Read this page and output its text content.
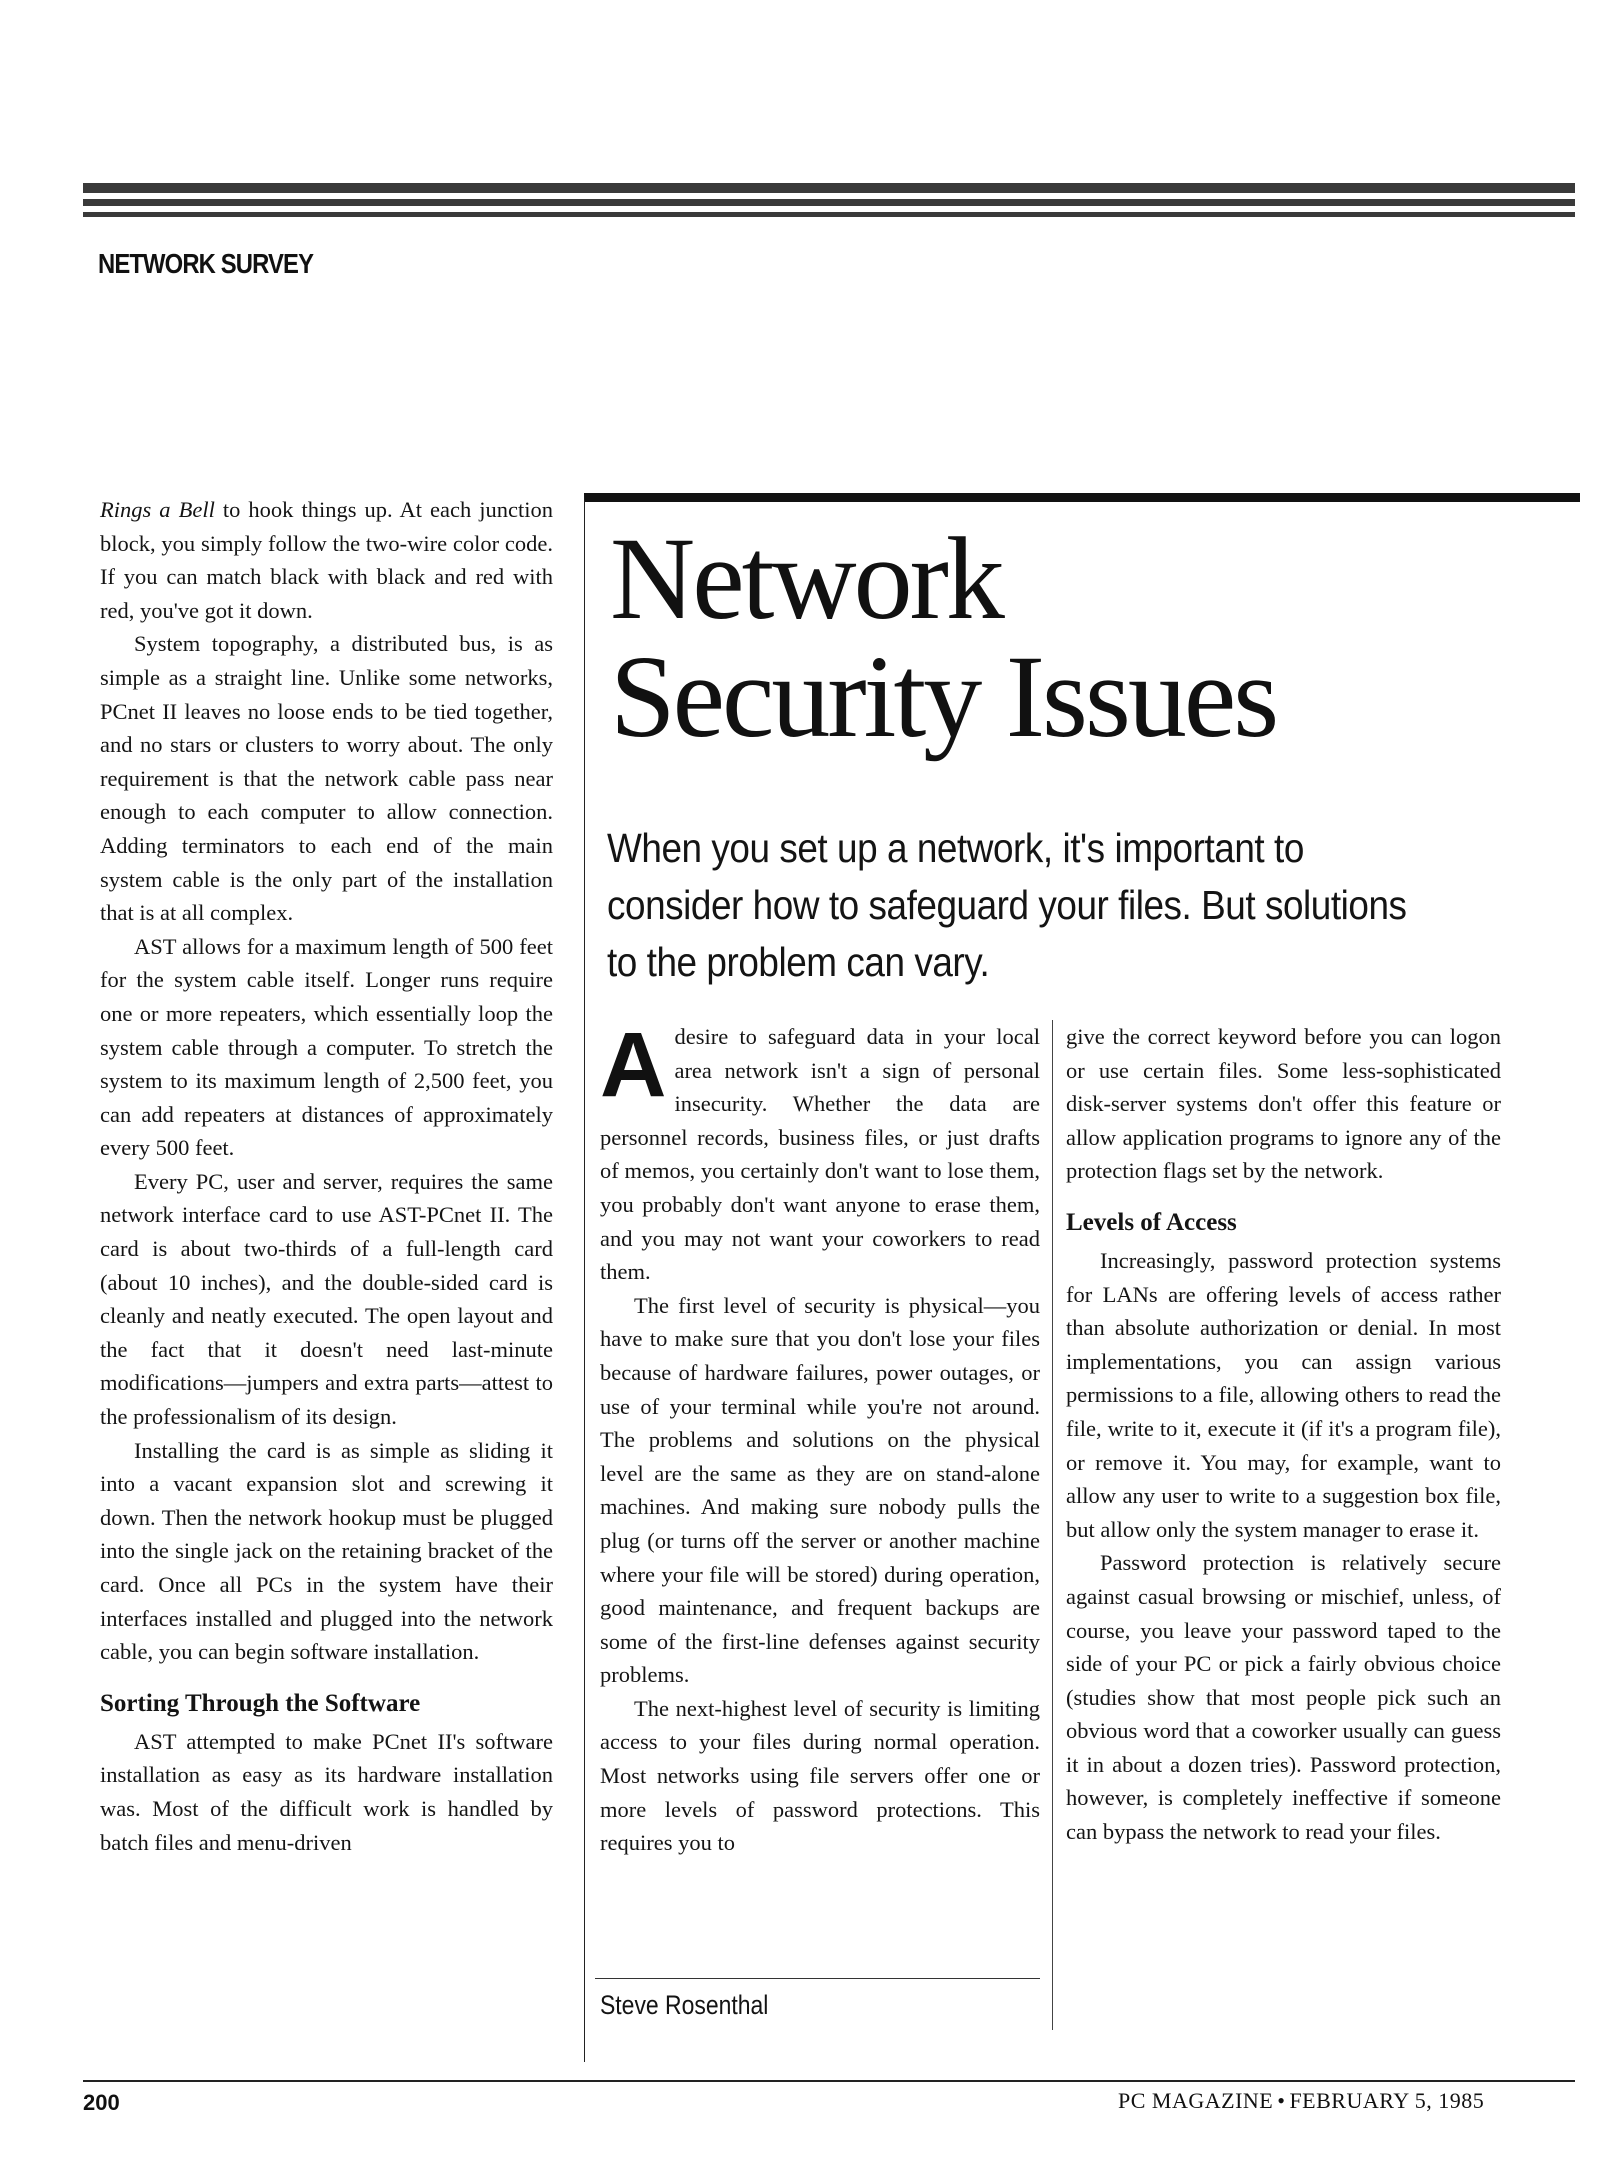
NETWORK SURVEY

Rings a Bell to hook things up. At each junction block, you simply follow the two-wire color code. If you can match black with black and red with red, you've got it down.

System topography, a distributed bus, is as simple as a straight line. Unlike some networks, PCnet II leaves no loose ends to be tied together, and no stars or clusters to worry about. The only requirement is that the network cable pass near enough to each computer to allow connection. Adding terminators to each end of the main system cable is the only part of the installation that is at all complex.

AST allows for a maximum length of 500 feet for the system cable itself. Longer runs require one or more repeaters, which essentially loop the system cable through a computer. To stretch the system to its maximum length of 2,500 feet, you can add repeaters at distances of approximately every 500 feet.

Every PC, user and server, requires the same network interface card to use AST-PCnet II. The card is about two-thirds of a full-length card (about 10 inches), and the double-sided card is cleanly and neatly executed. The open layout and the fact that it doesn't need last-minute modifications—jumpers and extra parts—attest to the professionalism of its design.

Installing the card is as simple as sliding it into a vacant expansion slot and screwing it down. Then the network hookup must be plugged into the single jack on the retaining bracket of the card. Once all PCs in the system have their interfaces installed and plugged into the network cable, you can begin software installation.

Sorting Through the Software

AST attempted to make PCnet II's software installation as easy as its hardware installation was. Most of the difficult work is handled by batch files and menu-driven

Network
Security Issues
When you set up a network, it's important to consider how to safeguard your files. But solutions to the problem can vary.

A desire to safeguard data in your local area network isn't a sign of personal insecurity. Whether the data are personnel records, business files, or just drafts of memos, you certainly don't want to lose them, you probably don't want anyone to erase them, and you may not want your coworkers to read them.

The first level of security is physical—you have to make sure that you don't lose your files because of hardware failures, power outages, or use of your terminal while you're not around. The problems and solutions on the physical level are the same as they are on stand-alone machines. And making sure nobody pulls the plug (or turns off the server or another machine where your file will be stored) during operation, good maintenance, and frequent backups are some of the first-line defenses against security problems.

The next-highest level of security is limiting access to your files during normal operation. Most networks using file servers offer one or more levels of password protections. This requires you to

give the correct keyword before you can logon or use certain files. Some less-sophisticated disk-server systems don't offer this feature or allow application programs to ignore any of the protection flags set by the network.

Levels of Access

Increasingly, password protection systems for LANs are offering levels of access rather than absolute authorization or denial. In most implementations, you can assign various permissions to a file, allowing others to read the file, write to it, execute it (if it's a program file), or remove it. You may, for example, want to allow any user to write to a suggestion box file, but allow only the system manager to erase it.

Password protection is relatively secure against casual browsing or mischief, unless, of course, you leave your password taped to the side of your PC or pick a fairly obvious choice (studies show that most people pick such an obvious word that a coworker usually can guess it in about a dozen tries). Password protection, however, is completely ineffective if someone can bypass the network to read your files.

Steve Rosenthal
200	PC MAGAZINE • FEBRUARY 5, 1985
